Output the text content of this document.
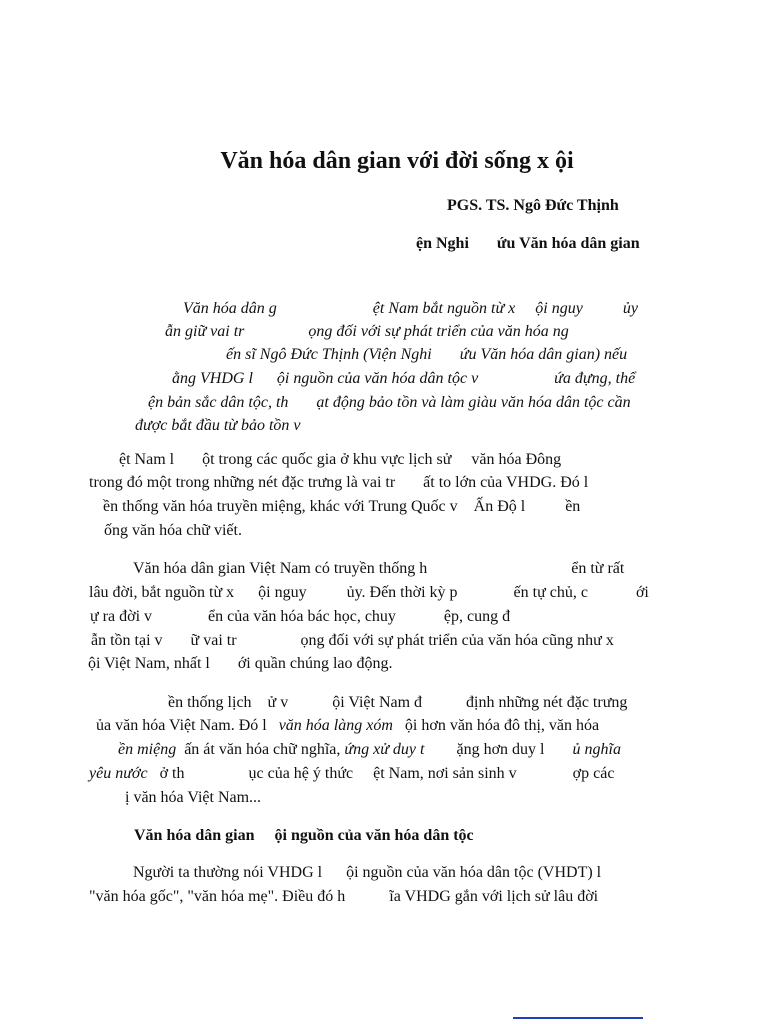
Văn hóa dân gian với đời sống x ội
PGS. TS. Ngô Đức Thịnh
ện Nghi       ứu Văn hóa dân gian
Văn hóa dân g                        ệt Nam bắt nguồn từ x     ội nguy          ủy
ẫn giữ vai tr                ọng đối với sự phát triển của văn hóa ng
ến sĩ Ngô Đức Thịnh (Viện Nghi       ứu Văn hóa dân gian) nếu
ằng VHDG l      ội nguồn của văn hóa dân tộc v                   ứa đựng, thể
ện bản sắc dân tộc, th       ạt động bảo tồn và làm giàu văn hóa dân tộc cần
được bắt đầu từ bảo tồn v
ệt Nam l       ột trong các quốc gia ở khu vực lịch sử     văn hóa Đông
trong đó một trong những nét đặc trưng là vai tr       ất to lớn của VHDG. Đó l
ền thống văn hóa truyền miệng, khác với Trung Quốc v    Ấn Độ l          ền
ống văn hóa chữ viết.
Văn hóa dân gian Việt Nam có truyền thống h                                    ển từ rất
lâu đời, bắt nguồn từ x      ội nguy          ủy. Đến thời kỳ p              ến tự chủ, c            ới
ự ra đời v              ển của văn hóa bác học, chuy            ệp, cung đ
ẫn tồn tại v       ữ vai tr                ọng đối với sự phát triển của văn hóa cũng như x
ội Việt Nam, nhất l       ới quần chúng lao động.
ền thống lịch    ử v           ội Việt Nam đ           định những nét đặc trưng
ủa văn hóa Việt Nam. Đó l   văn hóa làng xóm   ội hơn văn hóa đô thị, văn hóa
ền miệng  ấn át văn hóa chữ nghĩa, ứng xử duy t        ặng hơn duy l       ủ nghĩa
yêu nước   ở th                ục của hệ ý thức     ệt Nam, nơi sản sinh v              ợp các
ị văn hóa Việt Nam...
Văn hóa dân gian     ội nguồn của văn hóa dân tộc
Người ta thường nói VHDG l      ội nguồn của văn hóa dân tộc (VHDT) l
"văn hóa gốc", "văn hóa mẹ". Điều đó h           ĩa VHDG gắn với lịch sử lâu đời
